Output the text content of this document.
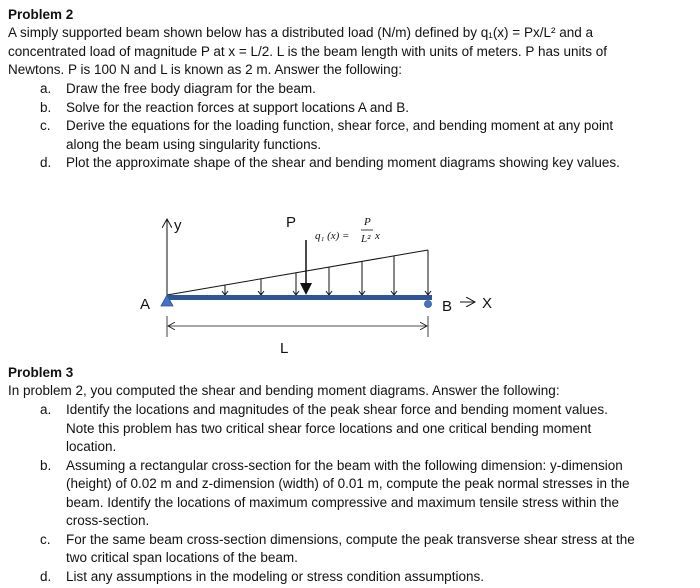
Problem 2
A simply supported beam shown below has a distributed load (N/m) defined by q₁(x) = Px/L² and a
concentrated load of magnitude P at x = L/2. L is the beam length with units of meters. P has units of
Newtons. P is 100 N and L is known as 2 m. Answer the following:
a. Draw the free body diagram for the beam.
b. Solve for the reaction forces at support locations A and B.
c. Derive the equations for the loading function, shear force, and bending moment at any point
along the beam using singularity functions.
d. Plot the approximate shape of the shear and bending moment diagrams showing key values.
y	P
q₁ (x) =
P
L² x
A	B X
L
Problem 3
In problem 2, you computed the shear and bending moment diagrams. Answer the following:
a. Identify the locations and magnitudes of the peak shear force and bending moment values.
Note this problem has two critical shear force locations and one critical bending moment
location.
b. Assuming a rectangular cross-section for the beam with the following dimension: y-dimension
(height) of 0.02 m and z-dimension (width) of 0.01 m, compute the peak normal stresses in the
beam. Identify the locations of maximum compressive and maximum tensile stress within the
cross-section.
c. For the same beam cross-section dimensions, compute the peak transverse shear stress at the
two critical span locations of the beam.
d. List any assumptions in the modeling or stress condition assumptions.
